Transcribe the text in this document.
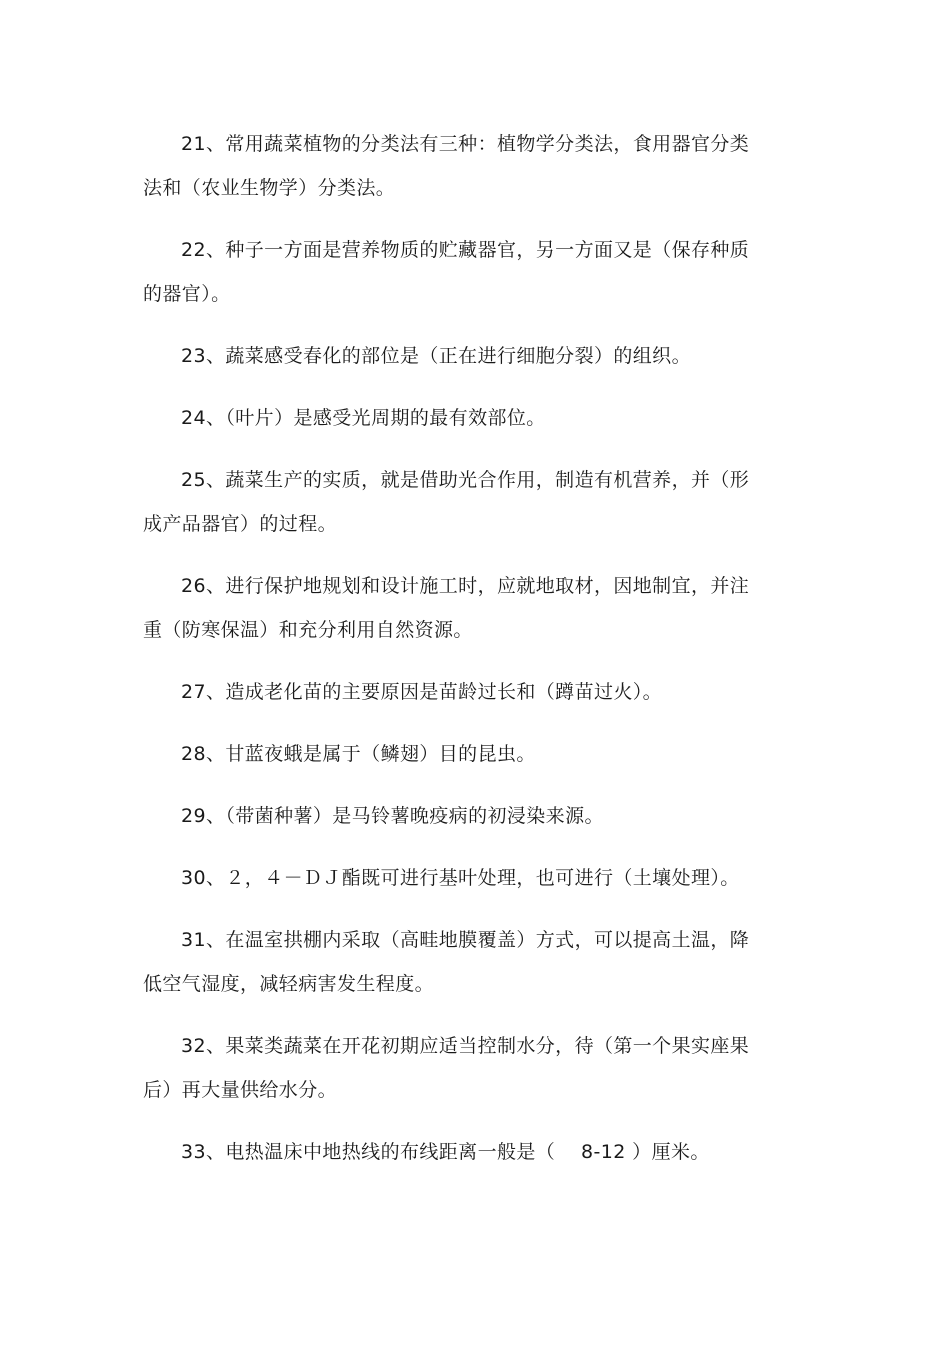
21、常用蔬菜植物的分类法有三种：植物学分类法，食用器官分类法和（农业生物学）分类法。

22、种子一方面是营养物质的贮藏器官，另一方面又是（保存种质的器官）。

23、蔬菜感受春化的部位是（正在进行细胞分裂）的组织。

24、（叶片）是感受光周期的最有效部位。

25、蔬菜生产的实质，就是借助光合作用，制造有机营养，并（形成产品器官）的过程。

26、进行保护地规划和设计施工时，应就地取材，因地制宜，并注重（防寒保温）和充分利用自然资源。

27、造成老化苗的主要原因是苗龄过长和（蹲苗过火）。

28、甘蓝夜蛾是属于（鳞翅）目的昆虫。

29、（带菌种薯）是马铃薯晚疫病的初浸染来源。

30、２，４－ＤＪ酯既可进行基叶处理，也可进行（土壤处理）。

31、在温室拱棚内采取（高畦地膜覆盖）方式，可以提高土温，降低空气湿度，减轻病害发生程度。

32、果菜类蔬菜在开花初期应适当控制水分，待（第一个果实座果后）再大量供给水分。

33、电热温床中地热线的布线距离一般是（　 8-12 ）厘米。
